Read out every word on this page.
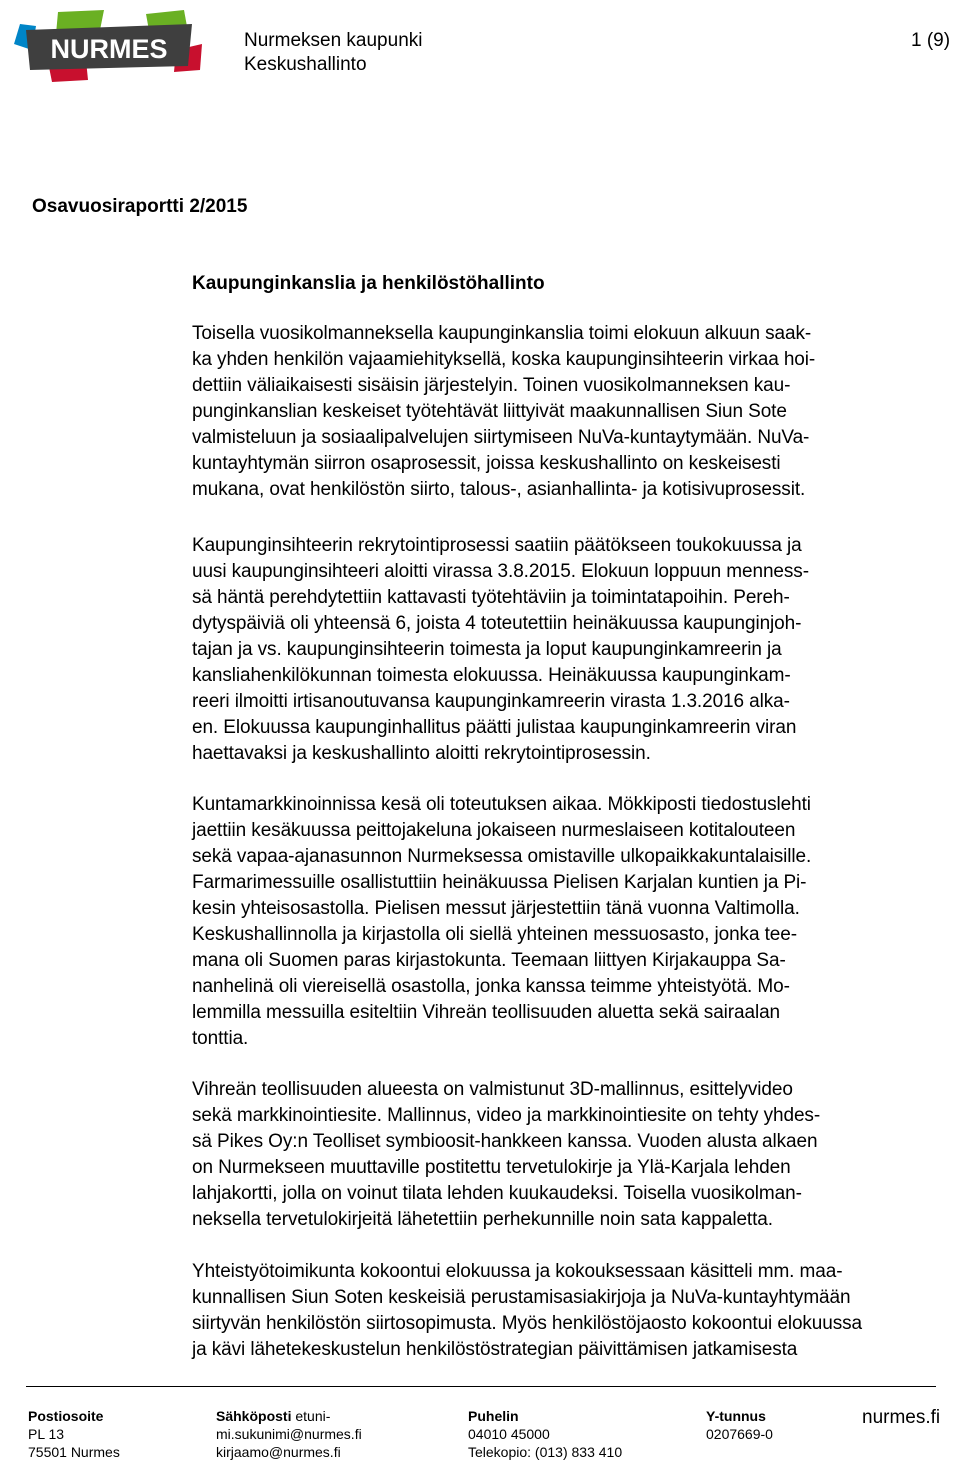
NURMES	Nurmeksen kaupunki
Keskushallinto
1 (9)
Osavuosiraportti 2/2015
Kaupunginkanslia ja henkilöstöhallinto

Toisella vuosikolmanneksella kaupunginkanslia toimi elokuun alkuun saak-
ka yhden henkilön vajaamiehityksellä, koska kaupunginsihteerin virkaa hoi-
dettiin väliaikaisesti sisäisin järjestelyin. Toinen vuosikolmanneksen kau-
punginkanslian keskeiset työtehtävät liittyivät maakunnallisen Siun Sote
valmisteluun ja sosiaalipalvelujen siirtymiseen NuVa-kuntaytymään. NuVa-
kuntayhtymän siirron osaprosessit, joissa keskushallinto on keskeisesti
mukana, ovat henkilöstön siirto, talous-, asianhallinta- ja kotisivuprosessit.

Kaupunginsihteerin rekrytointiprosessi saatiin päätökseen toukokuussa ja
uusi kaupunginsihteeri aloitti virassa 3.8.2015. Elokuun loppuun menness-
sä häntä perehdytettiin kattavasti työtehtäviin ja toimintatapoihin. Pereh-
dytyspäiviä oli yhteensä 6, joista 4 toteutettiin heinäkuussa kaupunginjoh-
tajan ja vs. kaupunginsihteerin toimesta ja loput kaupunginkamreerin ja
kansliahenkilökunnan toimesta elokuussa. Heinäkuussa kaupunginkam-
reeri ilmoitti irtisanoutuvansa kaupunginkamreerin virasta 1.3.2016 alka-
en. Elokuussa kaupunginhallitus päätti julistaa kaupunginkamreerin viran
haettavaksi ja keskushallinto aloitti rekrytointiprosessin.

Kuntamarkkinoinnissa kesä oli toteutuksen aikaa. Mökkiposti tiedostuslehti
jaettiin kesäkuussa peittojakeluna jokaiseen nurmeslaiseen kotitalouteen
sekä vapaa-ajanasunnon Nurmeksessa omistaville ulkopaikkakuntalaisille.
Farmarimessuille osallistuttiin heinäkuussa Pielisen Karjalan kuntien ja Pi-
kesin yhteisosastolla. Pielisen messut järjestettiin tänä vuonna Valtimolla.
Keskushallinnolla ja kirjastolla oli siellä yhteinen messuosasto, jonka tee-
mana oli Suomen paras kirjastokunta. Teemaan liittyen Kirjakauppa Sa-
nanhelinä oli viereisellä osastolla, jonka kanssa teimme yhteistyötä. Mo-
lemmilla messuilla esiteltiin Vihreän teollisuuden aluetta sekä sairaalan
tonttia.

Vihreän teollisuuden alueesta on valmistunut 3D-mallinnus, esittelyvideo
sekä markkinointiesite. Mallinnus, video ja markkinointiesite on tehty yhdes-
sä Pikes Oy:n Teolliset symbioosit-hankkeen kanssa. Vuoden alusta alkaen
on Nurmekseen muuttaville postitettu tervetulokirje ja Ylä-Karjala lehden
lahjakortti, jolla on voinut tilata lehden kuukaudeksi. Toisella vuosikolman-
neksella tervetulokirjeitä lähetettiin perhekunnille noin sata kappaletta.

Yhteistyötoimikunta kokoontui elokuussa ja kokouksessaan käsitteli mm. maa-
kunnallisen Siun Soten keskeisiä perustamisasiakirjoja ja NuVa-kuntayhtymään
siirtyvän henkilöstön siirtosopimusta. Myös henkilöstöjaosto kokoontui elokuussa
ja kävi lähetekeskustelun henkilöstöstrategian päivittämisen jatkamisesta

Postiosoite
PL 13
75501 Nurmes
Sähköposti etuni-
mi.sukunimi@nurmes.fi
kirjaamo@nurmes.fi
Puhelin
04010 45000
Telekopio: (013) 833 410
Y-tunnus
0207669-0
nurmes.fi
